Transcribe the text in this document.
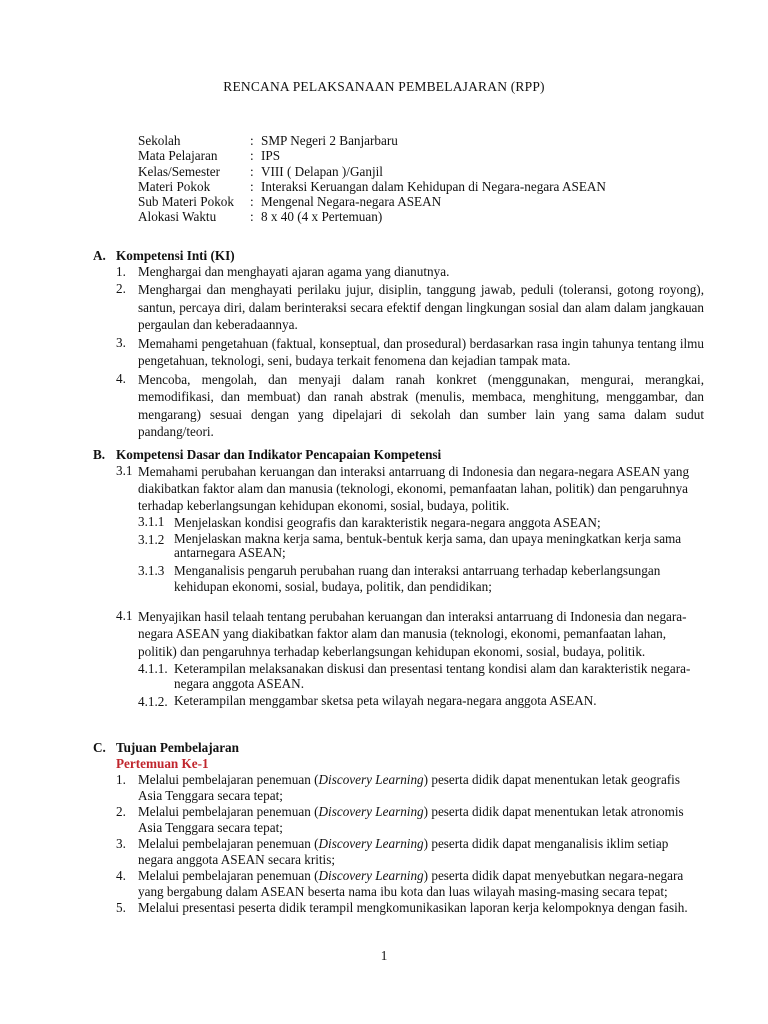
RENCANA PELAKSANAAN PEMBELAJARAN (RPP)
Sekolah	: SMP Negeri 2 Banjarbaru
Mata Pelajaran	: IPS
Kelas/Semester	: VIII ( Delapan )/Ganjil
Materi Pokok	: Interaksi Keruangan dalam Kehidupan di Negara-negara ASEAN
Sub Materi Pokok	: Mengenal Negara-negara ASEAN
Alokasi Waktu	: 8 x 40 (4 x Pertemuan)
A. Kompetensi Inti (KI)
1. Menghargai dan menghayati ajaran agama yang dianutnya.
2. Menghargai dan menghayati perilaku jujur, disiplin, tanggung jawab, peduli (toleransi, gotong royong), santun, percaya diri, dalam berinteraksi secara efektif dengan lingkungan sosial dan alam dalam jangkauan pergaulan dan keberadaannya.
3. Memahami pengetahuan (faktual, konseptual, dan prosedural) berdasarkan rasa ingin tahunya tentang ilmu pengetahuan, teknologi, seni, budaya terkait fenomena dan kejadian tampak mata.
4. Mencoba, mengolah, dan menyaji dalam ranah konkret (menggunakan, mengurai, merangkai, memodifikasi, dan membuat) dan ranah abstrak (menulis, membaca, menghitung, menggambar, dan mengarang) sesuai dengan yang dipelajari di sekolah dan sumber lain yang sama dalam sudut pandang/teori.
B. Kompetensi Dasar dan Indikator Pencapaian Kompetensi
3.1 Memahami perubahan keruangan dan interaksi antarruang di Indonesia dan negara-negara ASEAN yang diakibatkan faktor alam dan manusia (teknologi, ekonomi, pemanfaatan lahan, politik) dan pengaruhnya terhadap keberlangsungan kehidupan ekonomi, sosial, budaya, politik.
3.1.1 Menjelaskan kondisi geografis dan karakteristik negara-negara anggota ASEAN;
3.1.2 Menjelaskan makna kerja sama, bentuk-bentuk kerja sama, dan upaya meningkatkan kerja sama antarnegara ASEAN;
3.1.3 Menganalisis pengaruh perubahan ruang dan interaksi antarruang terhadap keberlangsungan kehidupan ekonomi, sosial, budaya, politik, dan pendidikan;
4.1 Menyajikan hasil telaah tentang perubahan keruangan dan interaksi antarruang di Indonesia dan negara-negara ASEAN yang diakibatkan faktor alam dan manusia (teknologi, ekonomi, pemanfaatan lahan, politik) dan pengaruhnya terhadap keberlangsungan kehidupan ekonomi, sosial, budaya, politik.
4.1.1. Keterampilan melaksanakan diskusi dan presentasi tentang kondisi alam dan karakteristik negara-negara anggota ASEAN.
4.1.2. Keterampilan menggambar sketsa peta wilayah negara-negara anggota ASEAN.
C. Tujuan Pembelajaran
Pertemuan Ke-1
1. Melalui pembelajaran penemuan (Discovery Learning) peserta didik dapat menentukan letak geografis Asia Tenggara secara tepat;
2. Melalui pembelajaran penemuan (Discovery Learning) peserta didik dapat menentukan letak atronomis Asia Tenggara secara tepat;
3. Melalui pembelajaran penemuan (Discovery Learning) peserta didik dapat menganalisis iklim setiap negara anggota ASEAN secara kritis;
4. Melalui pembelajaran penemuan (Discovery Learning) peserta didik dapat menyebutkan negara-negara yang bergabung dalam ASEAN beserta nama ibu kota dan luas wilayah masing-masing secara tepat;
5. Melalui presentasi peserta didik terampil mengkomunikasikan laporan kerja kelompoknya dengan fasih.
1
